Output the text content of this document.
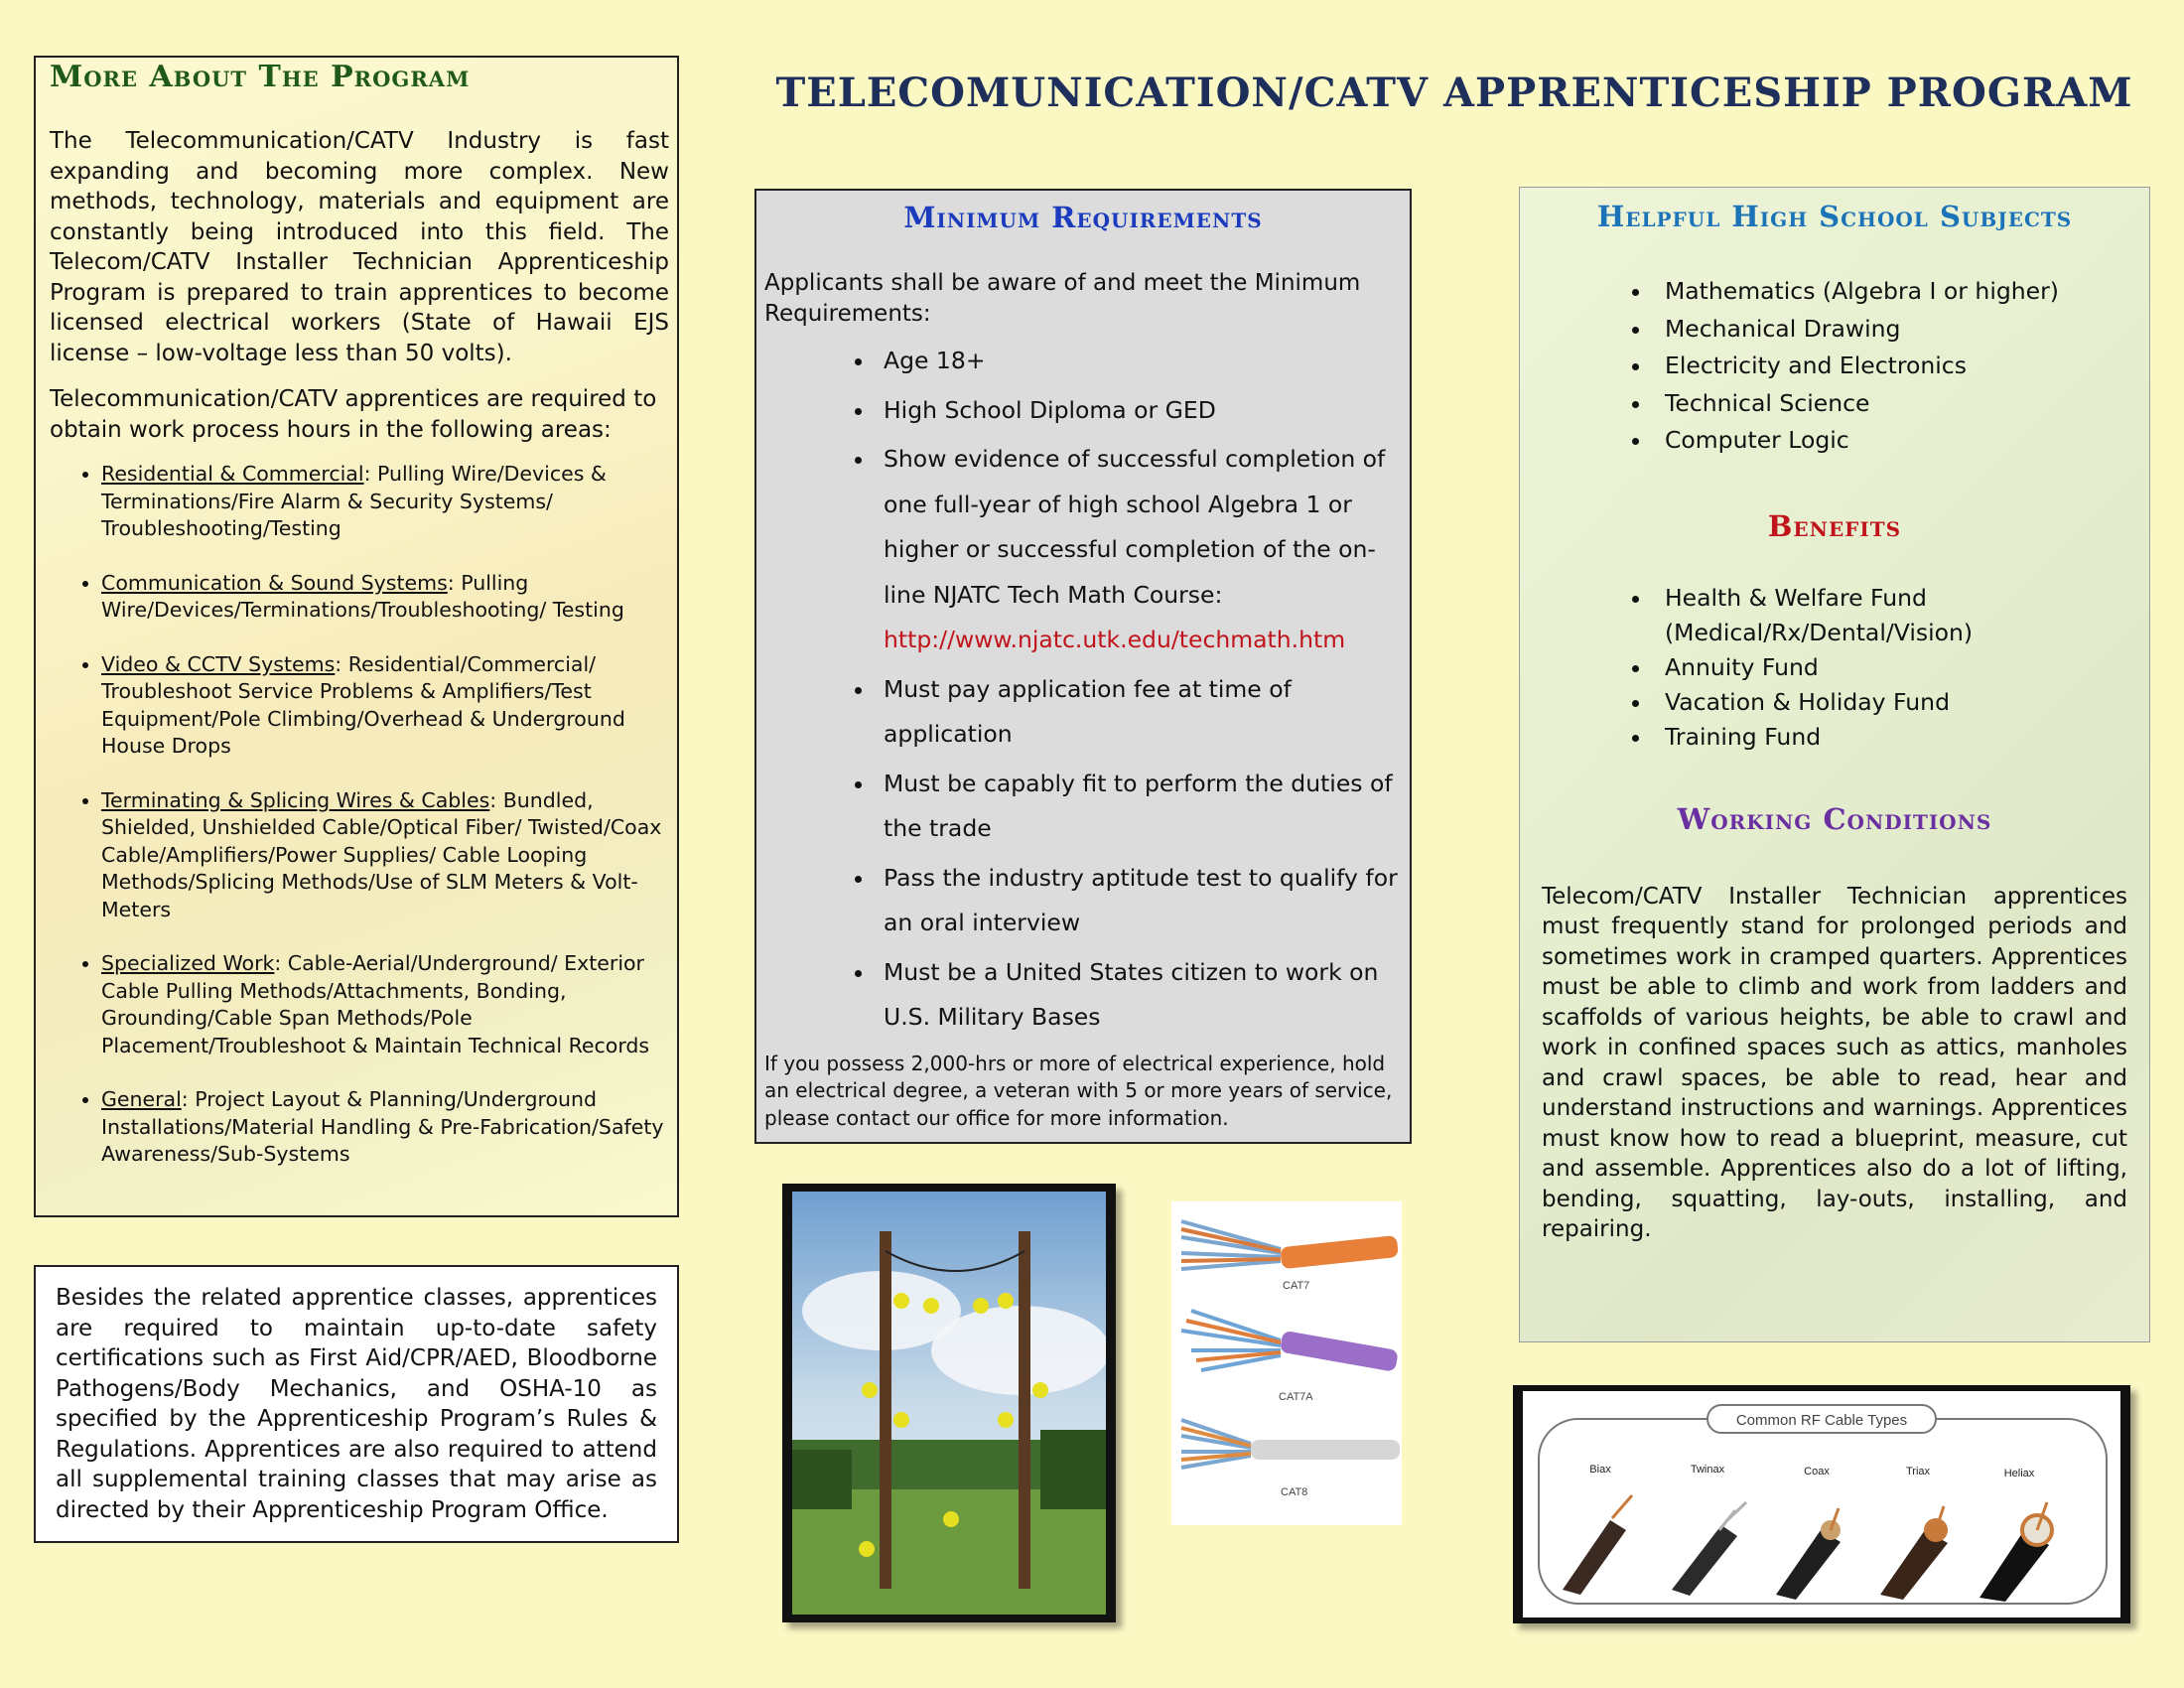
TELECOMUNICATION/CATV APPRENTICESHIP PROGRAM
More About The Program

The Telecommunication/CATV Industry is fast expanding and becoming more complex. New methods, technology, materials and equipment are constantly being introduced into this field. The Telecom/CATV Installer Technician Apprenticeship Program is prepared to train apprentices to become licensed electrical workers (State of Hawaii EJS license – low-voltage less than 50 volts).

Telecommunication/CATV apprentices are required to obtain work process hours in the following areas:

• Residential & Commercial: Pulling Wire/Devices & Terminations/Fire Alarm & Security Systems/ Troubleshooting/Testing
• Communication & Sound Systems: Pulling Wire/Devices/Terminations/Troubleshooting/ Testing
• Video & CCTV Systems: Residential/Commercial/ Troubleshoot Service Problems & Amplifiers/Test Equipment/Pole Climbing/Overhead & Underground House Drops
• Terminating & Splicing Wires & Cables: Bundled, Shielded, Unshielded Cable/Optical Fiber/ Twisted/Coax Cable/Amplifiers/Power Supplies/ Cable Looping Methods/Splicing Methods/Use of SLM Meters & Volt-Meters
• Specialized Work: Cable-Aerial/Underground/ Exterior Cable Pulling Methods/Attachments, Bonding, Grounding/Cable Span Methods/Pole Placement/Troubleshoot & Maintain Technical Records
• General: Project Layout & Planning/Underground Installations/Material Handling & Pre-Fabrication/Safety Awareness/Sub-Systems

Besides the related apprentice classes, apprentices are required to maintain up-to-date safety certifications such as First Aid/CPR/AED, Bloodborne Pathogens/Body Mechanics, and OSHA-10 as specified by the Apprenticeship Program’s Rules & Regulations. Apprentices are also required to attend all supplemental training classes that may arise as directed by their Apprenticeship Program Office.

Minimum Requirements

Applicants shall be aware of and meet the Minimum Requirements:

• Age 18+
• High School Diploma or GED
• Show evidence of successful completion of one full-year of high school Algebra 1 or higher or successful completion of the on-line NJATC Tech Math Course:
http://www.njatc.utk.edu/techmath.htm
• Must pay application fee at time of application
• Must be capably fit to perform the duties of the trade
• Pass the industry aptitude test to qualify for an oral interview
• Must be a United States citizen to work on U.S. Military Bases

If you possess 2,000-hrs or more of electrical experience, hold an electrical degree, a veteran with 5 or more years of service, please contact our office for more information.

Helpful High School Subjects
• Mathematics (Algebra I or higher)
• Mechanical Drawing
• Electricity and Electronics
• Technical Science
• Computer Logic
Benefits
• Health & Welfare Fund (Medical/Rx/Dental/Vision)
• Annuity Fund
• Vacation & Holiday Fund
• Training Fund
Working Conditions

Telecom/CATV Installer Technician apprentices must frequently stand for prolonged periods and sometimes work in cramped quarters. Apprentices must be able to climb and work from ladders and scaffolds of various heights, be able to crawl and work in confined spaces such as attics, manholes and crawl spaces, be able to read, hear and understand instructions and warnings. Apprentices must know how to read a blueprint, measure, cut and assemble. Apprentices also do a lot of lifting, bending, squatting, lay-outs, installing, and repairing.

CAT7
CAT7A
CAT8
Common RF Cable Types
Biax	Twinax	Coax	Triax	Heliax
